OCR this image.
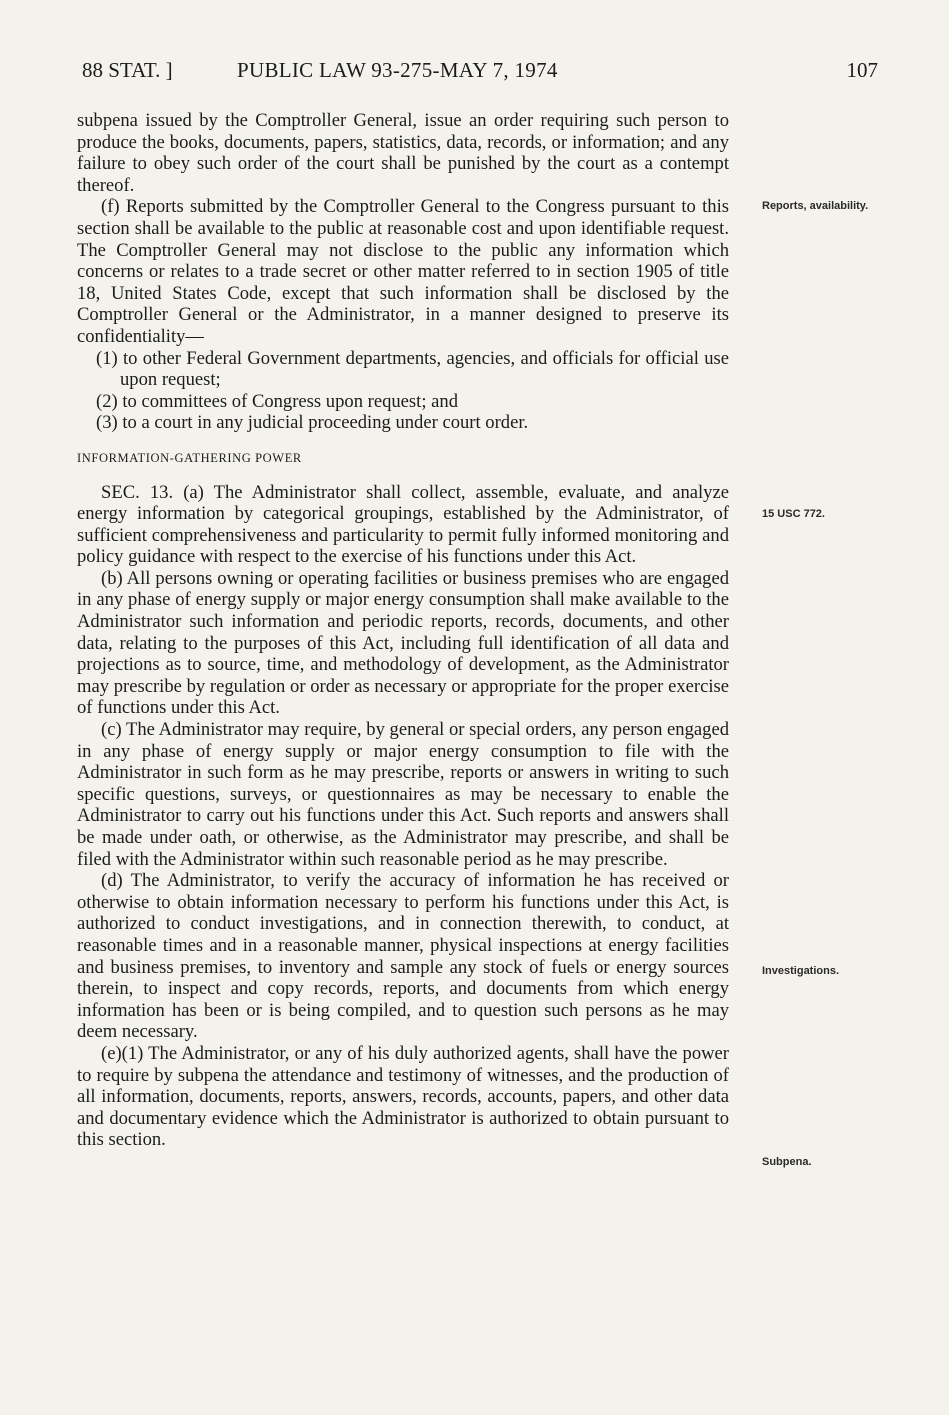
88 STAT. ]	PUBLIC LAW 93-275-MAY 7, 1974	107

subpena issued by the Comptroller General, issue an order requiring such person to produce the books, documents, papers, statistics, data, records, or information; and any failure to obey such order of the court shall be punished by the court as a contempt thereof.

(f) Reports submitted by the Comptroller General to the Congress pursuant to this section shall be available to the public at reasonable cost and upon identifiable request. The Comptroller General may not disclose to the public any information which concerns or relates to a trade secret or other matter referred to in section 1905 of title 18, United States Code, except that such information shall be disclosed by the Comptroller General or the Administrator, in a manner designed to preserve its confidentiality—

(1) to other Federal Government departments, agencies, and officials for official use upon request;

(2) to committees of Congress upon request; and

(3) to a court in any judicial proceeding under court order.

INFORMATION-GATHERING POWER

SEC. 13. (a) The Administrator shall collect, assemble, evaluate, and analyze energy information by categorical groupings, established by the Administrator, of sufficient comprehensiveness and particularity to permit fully informed monitoring and policy guidance with respect to the exercise of his functions under this Act.

(b) All persons owning or operating facilities or business premises who are engaged in any phase of energy supply or major energy consumption shall make available to the Administrator such information and periodic reports, records, documents, and other data, relating to the purposes of this Act, including full identification of all data and projections as to source, time, and methodology of development, as the Administrator may prescribe by regulation or order as necessary or appropriate for the proper exercise of functions under this Act.

(c) The Administrator may require, by general or special orders, any person engaged in any phase of energy supply or major energy consumption to file with the Administrator in such form as he may prescribe, reports or answers in writing to such specific questions, surveys, or questionnaires as may be necessary to enable the Administrator to carry out his functions under this Act. Such reports and answers shall be made under oath, or otherwise, as the Administrator may prescribe, and shall be filed with the Administrator within such reasonable period as he may prescribe.

(d) The Administrator, to verify the accuracy of information he has received or otherwise to obtain information necessary to perform his functions under this Act, is authorized to conduct investigations, and in connection therewith, to conduct, at reasonable times and in a reasonable manner, physical inspections at energy facilities and business premises, to inventory and sample any stock of fuels or energy sources therein, to inspect and copy records, reports, and documents from which energy information has been or is being compiled, and to question such persons as he may deem necessary.

(e)(1) The Administrator, or any of his duly authorized agents, shall have the power to require by subpena the attendance and testimony of witnesses, and the production of all information, documents, reports, answers, records, accounts, papers, and other data and documentary evidence which the Administrator is authorized to obtain pursuant to this section.

Reports, availability.
15 USC 772.
Investigations.
Subpena.
